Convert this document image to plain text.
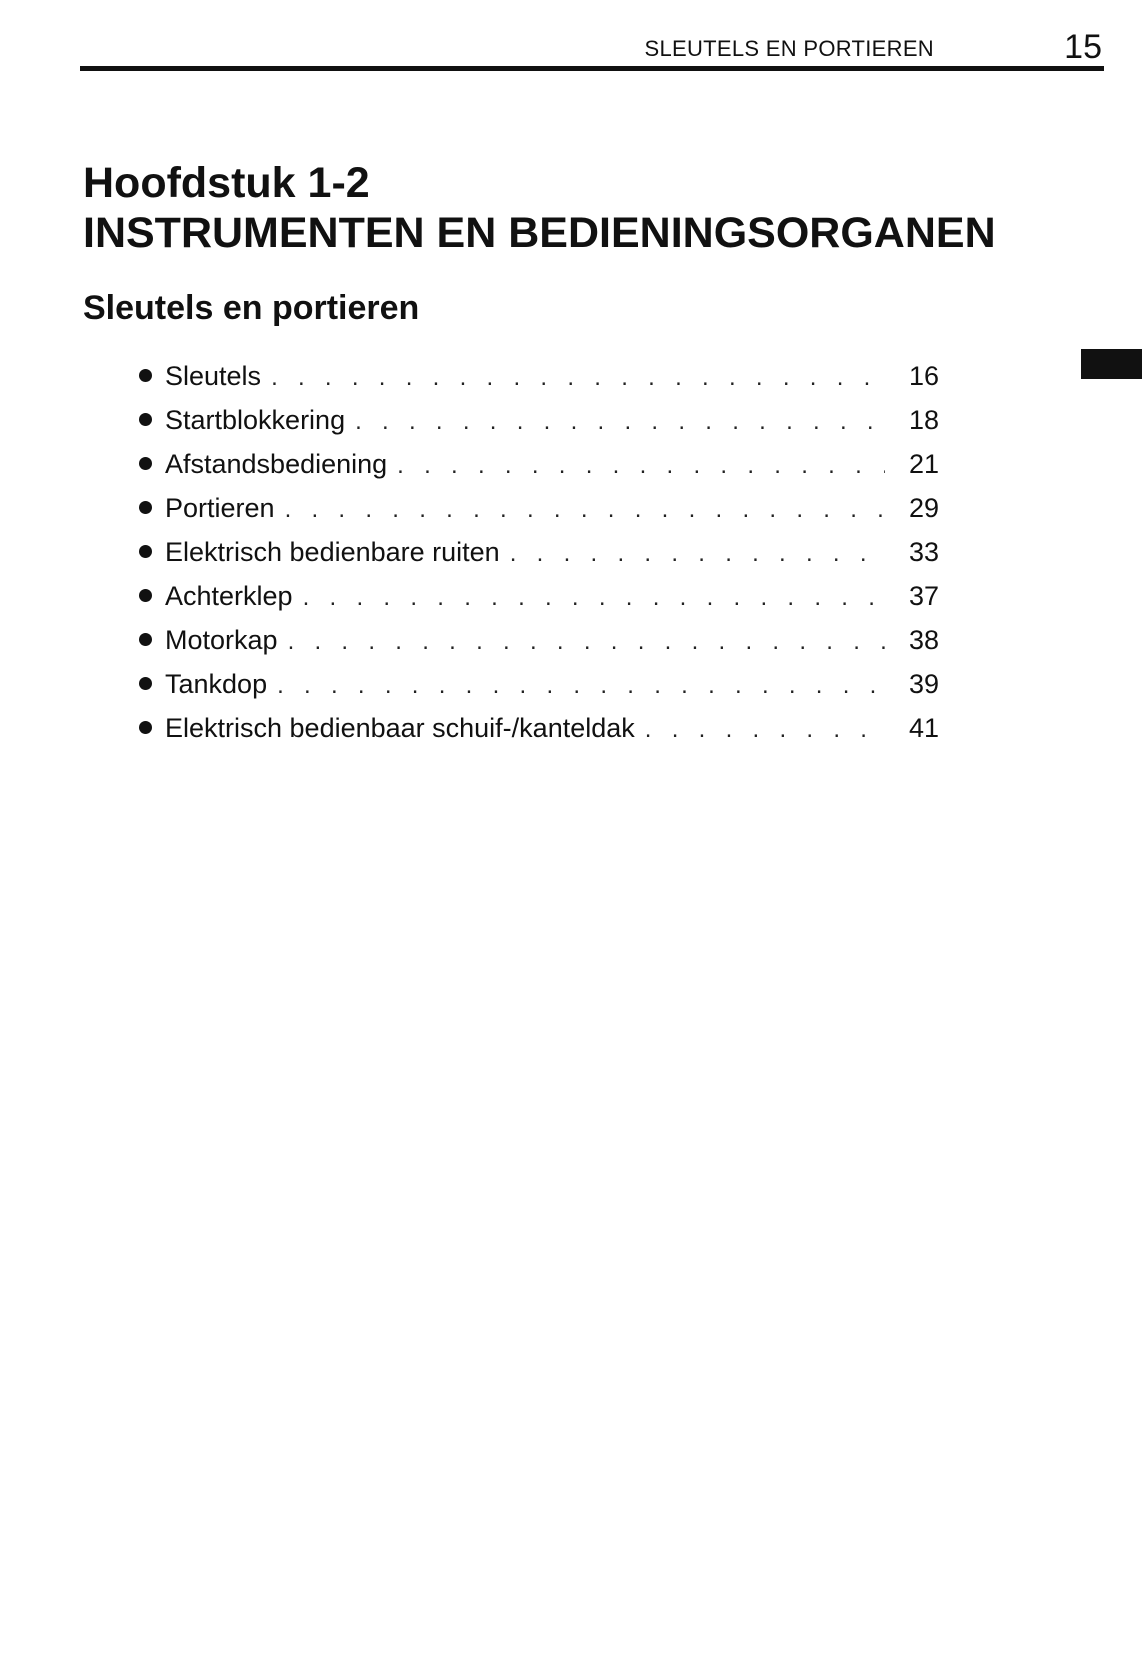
SLEUTELS EN PORTIEREN	15
Hoofdstuk 1-2
INSTRUMENTEN EN BEDIENINGSORGANEN
Sleutels en portieren
Sleutels . . .	16
Startblokkering . . .	18
Afstandsbediening . . .	21
Portieren . . .	29
Elektrisch bedienbare ruiten . . .	33
Achterklep . . .	37
Motorkap . . .	38
Tankdop . . .	39
Elektrisch bedienbaar schuif-/kanteldak . . .	41
